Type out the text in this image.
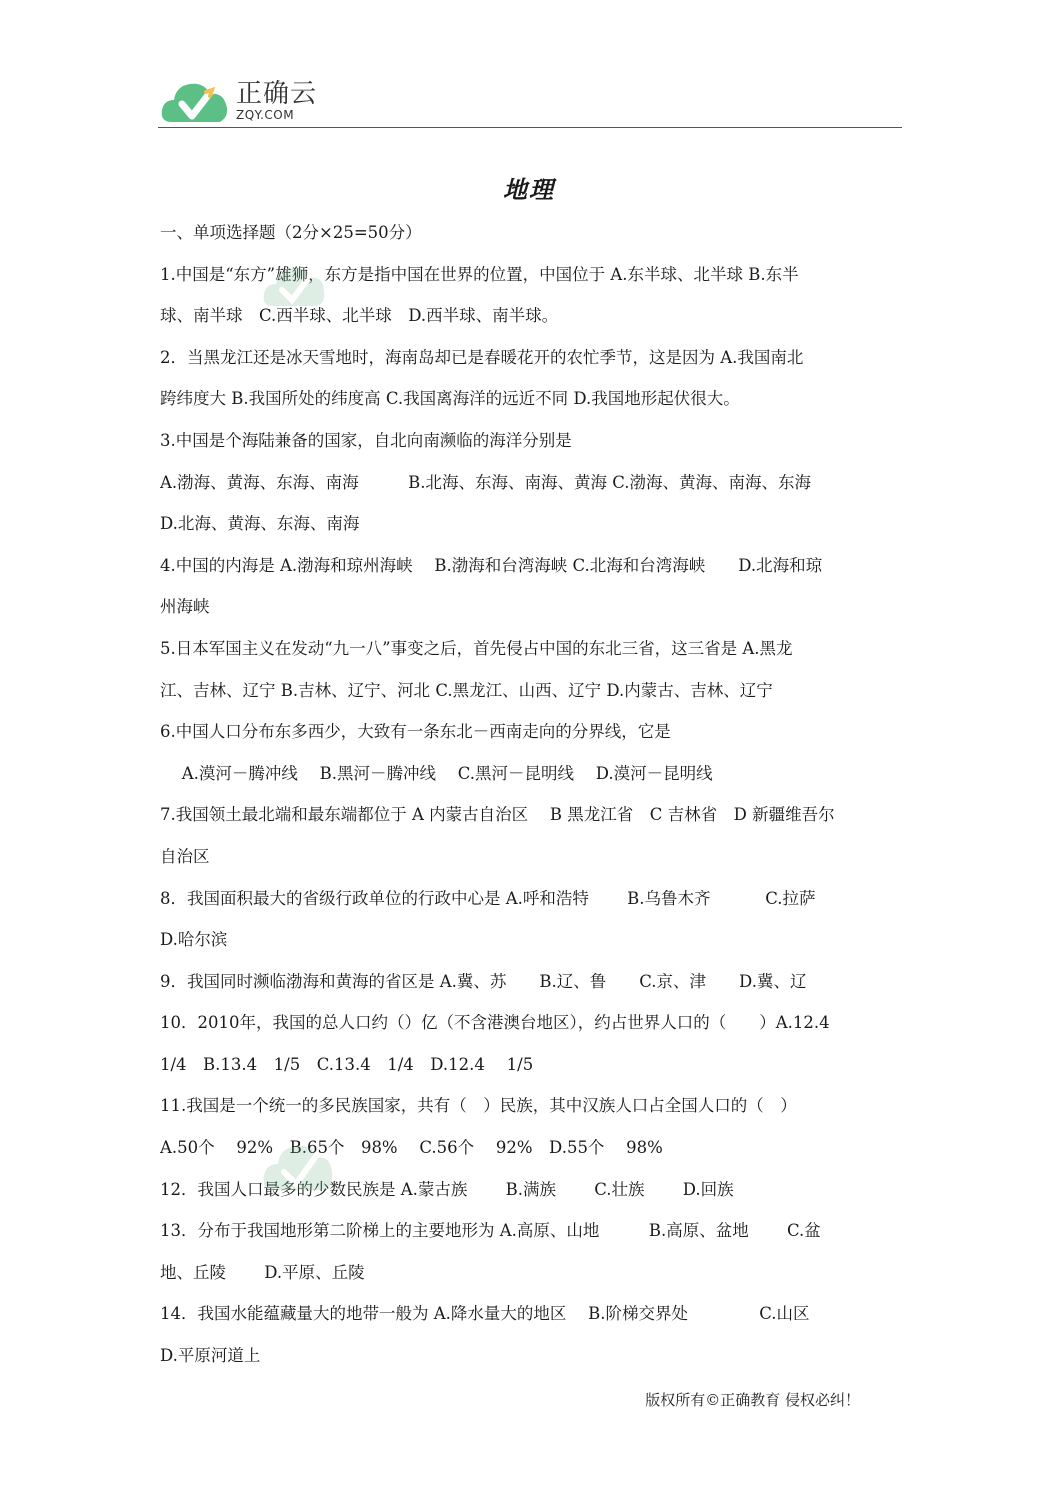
正确云
ZQY.COM
地理
一、单项选择题（2分×25=50分）
1.中国是“东方”雄狮，东方是指中国在世界的位置，中国位于 A.东半球、北半球 B.东半
球、南半球　C.西半球、北半球　D.西半球、南半球。
2．当黑龙江还是冰天雪地时，海南岛却已是春暖花开的农忙季节，这是因为 A.我国南北
跨纬度大 B.我国所处的纬度高 C.我国离海洋的远近不同 D.我国地形起伏很大。
3.中国是个海陆兼备的国家，自北向南濒临的海洋分别是
A.渤海、黄海、东海、南海　　　B.北海、东海、南海、黄海 C.渤海、黄海、南海、东海
D.北海、黄海、东海、南海
4.中国的内海是 A.渤海和琼州海峡　 B.渤海和台湾海峡 C.北海和台湾海峡　　D.北海和琼
州海峡
5.日本军国主义在发动“九一八”事变之后，首先侵占中国的东北三省，这三省是 A.黑龙
江、吉林、辽宁 B.吉林、辽宁、河北 C.黑龙江、山西、辽宁 D.内蒙古、吉林、辽宁
6.中国人口分布东多西少，大致有一条东北－西南走向的分界线，它是
　 A.漠河－腾冲线　 B.黑河－腾冲线　 C.黑河－昆明线　 D.漠河－昆明线
7.我国领土最北端和最东端都位于 A 内蒙古自治区　 B 黑龙江省　C 吉林省　D 新疆维吾尔
自治区
8．我国面积最大的省级行政单位的行政中心是 A.呼和浩特　　 B.乌鲁木齐　　　 C.拉萨
D.哈尔滨
9．我国同时濒临渤海和黄海的省区是 A.冀、苏　　B.辽、鲁　　C.京、津　　D.冀、辽
10．2010年，我国的总人口约（）亿（不含港澳台地区），约占世界人口的（　　）A.12.4
1/4　B.13.4　1/5　C.13.4　1/4　D.12.4　 1/5
11.我国是一个统一的多民族国家，共有（　）民族，其中汉族人口占全国人口的（　）
A.50个　 92%　B.65个　98%　 C.56个　 92%　D.55个　 98%
12．我国人口最多的少数民族是 A.蒙古族　　 B.满族　　 C.壮族　　 D.回族
13．分布于我国地形第二阶梯上的主要地形为 A.高原、山地　　　B.高原、盆地　　 C.盆
地、丘陵　　 D.平原、丘陵
14．我国水能蕴藏量大的地带一般为 A.降水量大的地区　 B.阶梯交界处　　　　 C.山区
D.平原河道上
版权所有©正确教育 侵权必纠！
